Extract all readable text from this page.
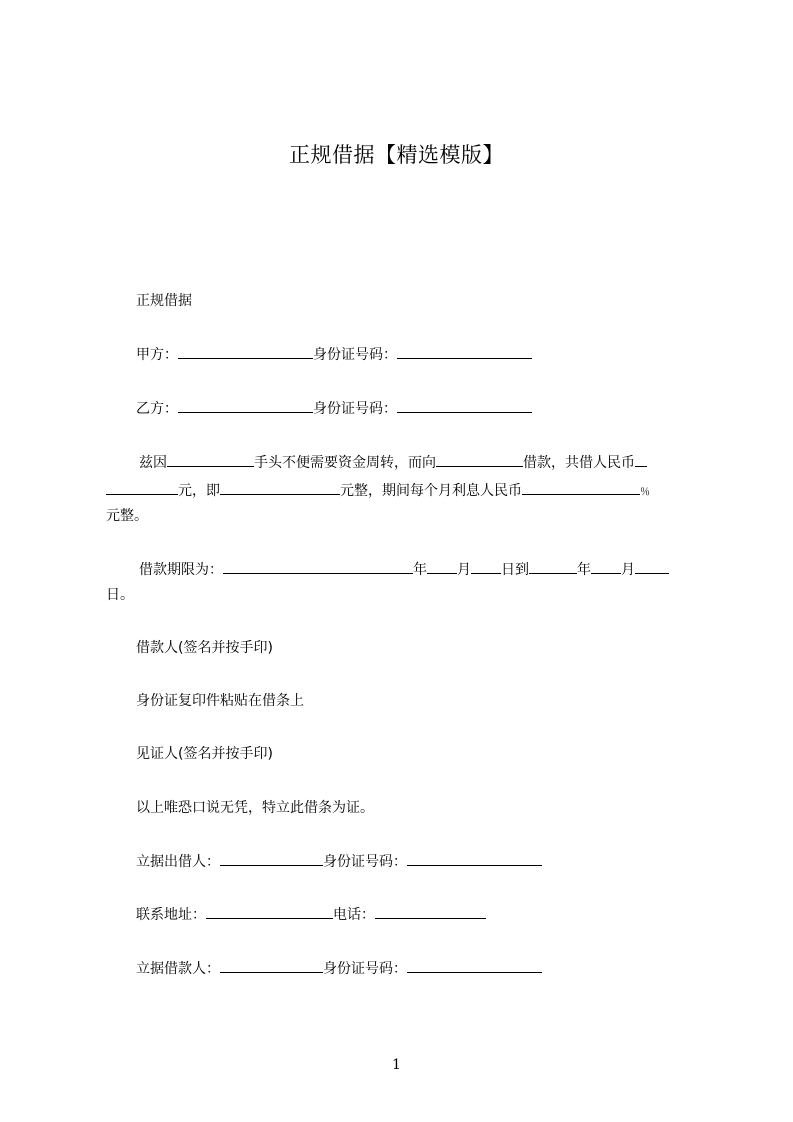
正规借据【精选模版】
正规借据
甲方：	身份证号码：
乙方：	身份证号码：
兹因	手头不便需要资金周转，而向	借款，共借人民币
元，即	元整，期间每个月利息人民币	％
元整。
借款期限为：	年 月 日到	年 月
日。
借款人(签名并按手印)
身份证复印件粘贴在借条上
见证人(签名并按手印)
以上唯恐口说无凭，特立此借条为证。
立据出借人：	身份证号码：
联系地址：	电话：
立据借款人：	身份证号码：
1
